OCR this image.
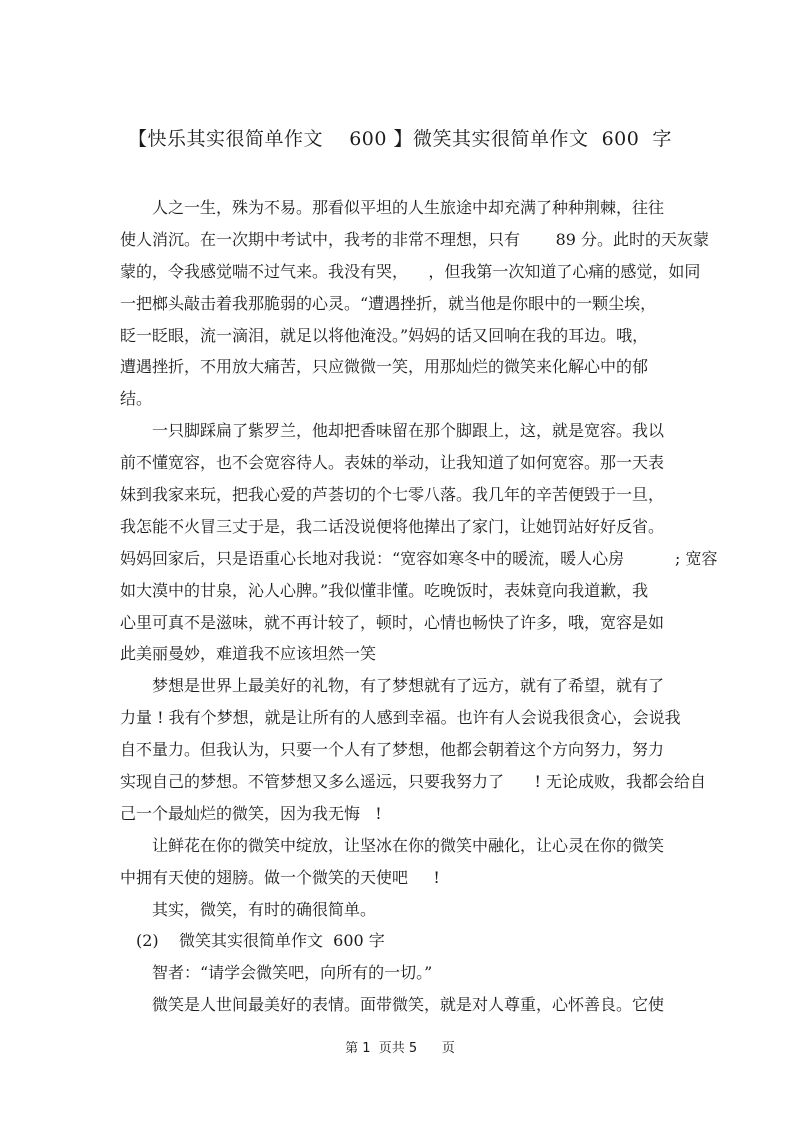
【快乐其实很简单作文    600 】微笑其实很简单作文  600  字
人之一生，殊为不易。那看似平坦的人生旅途中却充满了种种荆棘，往往
使人消沉。在一次期中考试中，我考的非常不理想，只有       89 分。此时的天灰蒙
蒙的，令我感觉喘不过气来。我没有哭，    ，但我第一次知道了心痛的感觉，如同
一把榔头敲击着我那脆弱的心灵。“遭遇挫折，就当他是你眼中的一颗尘埃，
眨一眨眼，流一滴泪，就足以将他淹没。”妈妈的话又回响在我的耳边。哦，
遭遇挫折，不用放大痛苦，只应微微一笑，用那灿烂的微笑来化解心中的郁
结。
一只脚踩扁了紫罗兰，他却把香味留在那个脚跟上，这，就是宽容。我以
前不懂宽容，也不会宽容待人。表妹的举动，让我知道了如何宽容。那一天表
妹到我家来玩，把我心爱的芦荟切的个七零八落。我几年的辛苦便毁于一旦，
我怎能不火冒三丈于是，我二话没说便将他撵出了家门，让她罚站好好反省。
妈妈回家后，只是语重心长地对我说：“宽容如寒冬中的暖流，暖人心房          ; 宽容
如大漠中的甘泉，沁人心脾。”我似懂非懂。吃晚饭时，表妹竟向我道歉，我
心里可真不是滋味，就不再计较了，顿时，心情也畅快了许多，哦，宽容是如
此美丽曼妙，难道我不应该坦然一笑
梦想是世界上最美好的礼物，有了梦想就有了远方，就有了希望，就有了
力量 ! 我有个梦想，就是让所有的人感到幸福。也许有人会说我很贪心，会说我
自不量力。但我认为，只要一个人有了梦想，他都会朝着这个方向努力，努力
实现自己的梦想。不管梦想又多么遥远，只要我努力了      ! 无论成败，我都会给自
己一个最灿烂的微笑，因为我无悔   !
让鲜花在你的微笑中绽放，让坚冰在你的微笑中融化，让心灵在你的微笑
中拥有天使的翅膀。做一个微笑的天使吧     !
其实，微笑，有时的确很简单。
(2)    微笑其实很简单作文  600 字
智者：“请学会微笑吧，向所有的一切。”
微笑是人世间最美好的表情。面带微笑，就是对人尊重，心怀善良。它使
第 1  页共 5      页
